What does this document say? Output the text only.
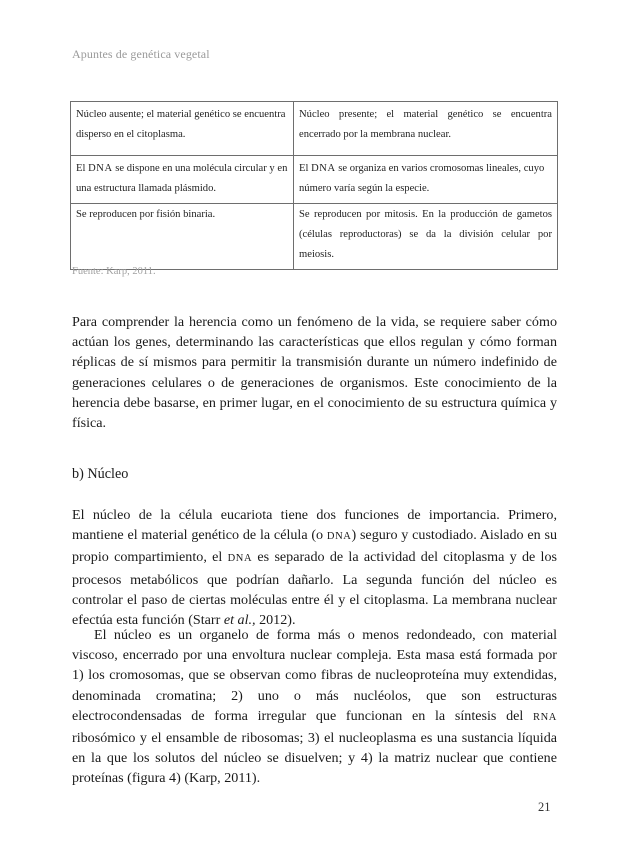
Apuntes de genética vegetal
Núcleo ausente; el material genético se encuentra disperso en el citoplasma.	Núcleo presente; el material genético se encuentra encerrado por la membrana nuclear.
El DNA se dispone en una molécula circular y en una estructura llamada plásmido.	El DNA se organiza en varios cromosomas lineales, cuyo número varía según la especie.
Se reproducen por fisión binaria.	Se reproducen por mitosis. En la producción de gametos (células reproductoras) se da la división celular por meiosis.
Fuente: Karp, 2011.

Para comprender la herencia como un fenómeno de la vida, se requiere saber cómo actúan los genes, determinando las características que ellos regulan y cómo forman réplicas de sí mismos para permitir la transmisión durante un número indefinido de generaciones celulares o de generaciones de organismos. Este conocimiento de la herencia debe basarse, en primer lugar, en el conocimiento de su estructura química y física.

b) Núcleo

El núcleo de la célula eucariota tiene dos funciones de importancia. Primero, mantiene el material genético de la célula (o DNA) seguro y custodiado. Aislado en su propio compartimiento, el DNA es separado de la actividad del citoplasma y de los procesos metabólicos que podrían dañarlo. La segunda función del núcleo es controlar el paso de ciertas moléculas entre él y el citoplasma. La membrana nuclear efectúa esta función (Starr et al., 2012).

El núcleo es un organelo de forma más o menos redondeado, con material viscoso, encerrado por una envoltura nuclear compleja. Esta masa está formada por 1) los cromosomas, que se observan como fibras de nucleoproteína muy extendidas, denominada cromatina; 2) uno o más nucléolos, que son estructuras electrocondensadas de forma irregular que funcionan en la síntesis del RNA ribosómico y el ensamble de ribosomas; 3) el nucleoplasma es una sustancia líquida en la que los solutos del núcleo se disuelven; y 4) la matriz nuclear que contiene proteínas (figura 4) (Karp, 2011).

21
